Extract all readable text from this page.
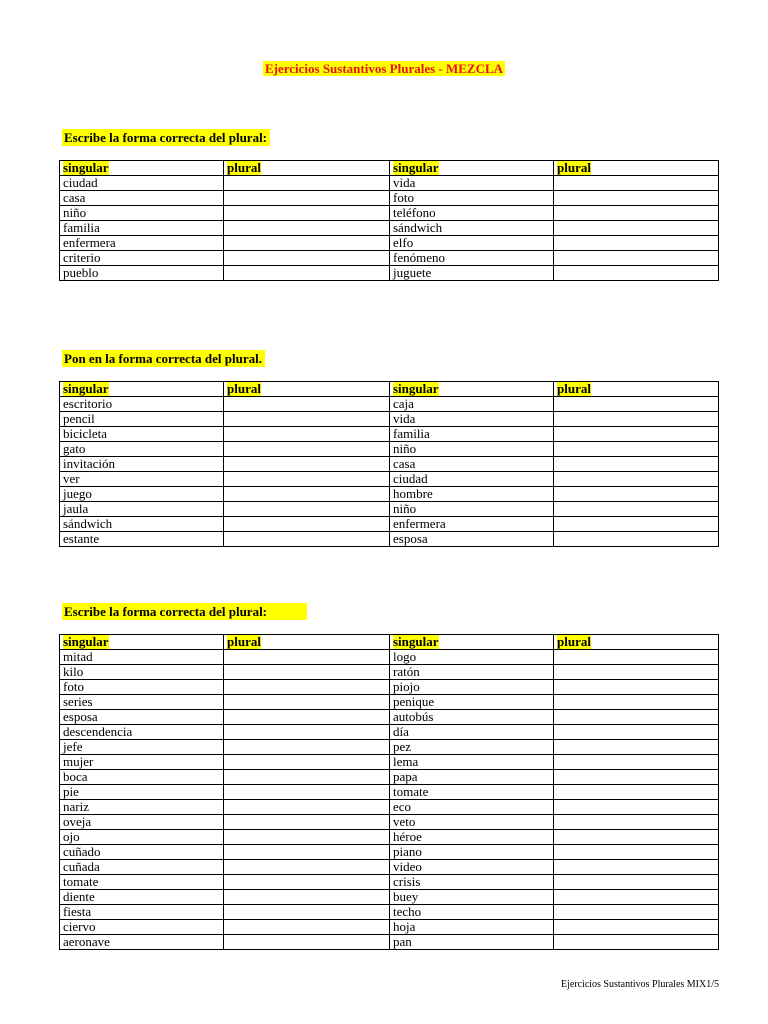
Ejercicios Sustantivos Plurales - MEZCLA
Escribe la forma correcta del plural:
singular	plural	singular	plural
ciudad		vida	
casa		foto	
niño		teléfono	
familia		sándwich	
enfermera		elfo	
criterio		fenómeno	
pueblo		juguete	
Pon en la forma correcta del plural.
singular	plural	singular	plural
escritorio		caja	
pencil		vida	
bicicleta		familia	
gato		niño	
invitación		casa	
ver		ciudad	
juego		hombre	
jaula		niño	
sándwich		enfermera	
estante		esposa	
Escribe la forma correcta del plural:
singular	plural	singular	plural
mitad		logo	
kilo		ratón	
foto		piojo	
series		penique	
esposa		autobús	
descendencia		día	
jefe		pez	
mujer		lema	
boca		papa	
pie		tomate	
nariz		eco	
oveja		veto	
ojo		héroe	
cuñado		piano	
cuñada		video	
tomate		crisis	
diente		buey	
fiesta		techo	
ciervo		hoja	
aeronave		pan	
Ejercicios Sustantivos Plurales MIX1/5
